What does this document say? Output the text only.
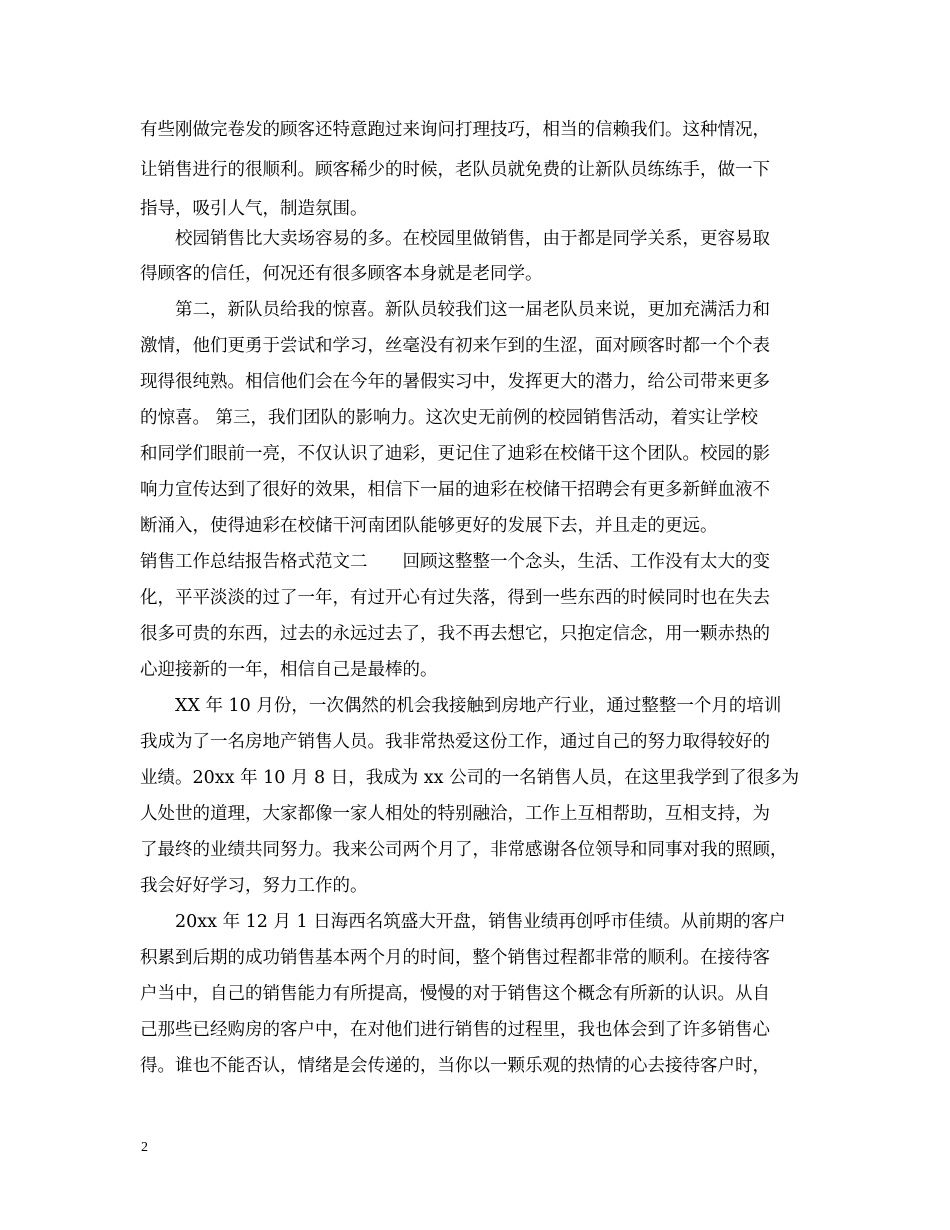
有些刚做完卷发的顾客还特意跑过来询问打理技巧，相当的信赖我们。这种情况，
让销售进行的很顺利。顾客稀少的时候，老队员就免费的让新队员练练手，做一下
指导，吸引人气，制造氛围。
校园销售比大卖场容易的多。在校园里做销售，由于都是同学关系，更容易取
得顾客的信任，何况还有很多顾客本身就是老同学。
第二，新队员给我的惊喜。新队员较我们这一届老队员来说，更加充满活力和
激情，他们更勇于尝试和学习，丝毫没有初来乍到的生涩，面对顾客时都一个个表
现得很纯熟。相信他们会在今年的暑假实习中，发挥更大的潜力，给公司带来更多
的惊喜。 第三，我们团队的影响力。这次史无前例的校园销售活动，着实让学校
和同学们眼前一亮，不仅认识了迪彩，更记住了迪彩在校储干这个团队。校园的影
响力宣传达到了很好的效果，相信下一届的迪彩在校储干招聘会有更多新鲜血液不
断涌入，使得迪彩在校储干河南团队能够更好的发展下去，并且走的更远。
销售工作总结报告格式范文二　　回顾这整整一个念头，生活、工作没有太大的变
化，平平淡淡的过了一年，有过开心有过失落，得到一些东西的时候同时也在失去
很多可贵的东西，过去的永远过去了，我不再去想它，只抱定信念，用一颗赤热的
心迎接新的一年，相信自己是最棒的。
XX 年 10 月份，一次偶然的机会我接触到房地产行业，通过整整一个月的培训
我成为了一名房地产销售人员。我非常热爱这份工作，通过自己的努力取得较好的
业绩。20xx 年 10 月 8 日，我成为 xx 公司的一名销售人员，在这里我学到了很多为
人处世的道理，大家都像一家人相处的特别融洽，工作上互相帮助，互相支持，为
了最终的业绩共同努力。我来公司两个月了，非常感谢各位领导和同事对我的照顾，
我会好好学习，努力工作的。
20xx 年 12 月 1 日海西名筑盛大开盘，销售业绩再创呼市佳绩。从前期的客户
积累到后期的成功销售基本两个月的时间，整个销售过程都非常的顺利。在接待客
户当中，自己的销售能力有所提高，慢慢的对于销售这个概念有所新的认识。从自
己那些已经购房的客户中，在对他们进行销售的过程里，我也体会到了许多销售心
得。谁也不能否认，情绪是会传递的，当你以一颗乐观的热情的心去接待客户时，
2
